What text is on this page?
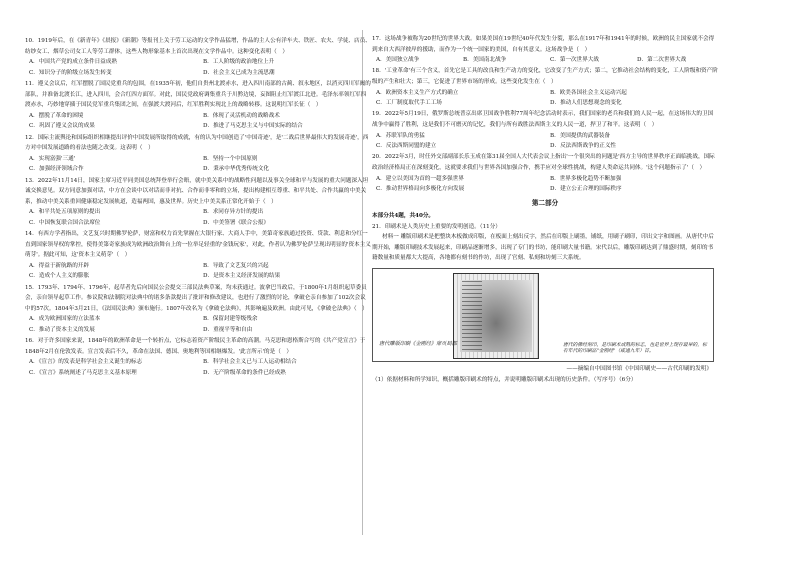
10．1919年后，在《新青年》《晨报》《新潮》等报刊上关于劳工运动的文学作品猛增，作品的主人公有洋车夫、铁匠、农夫、学徒、店员、纺纱女工、烟草公司女工人等劳工群体，这些人物形象基本上首次出现在文学作品中。这种变化表明（　）
A．中国共产党的成立条件日益成熟	B．工人阶级的政治地位上升
C．知识分子的阶级立场发生转变	D．社会主义已成为主流思潮
11．遵义会议后，红军摆脱了国民党重兵的包围，在1935年初，他们自贵州北渡赤水，进入四川南部的古蔺、叙永地区，以消灭四川军阀的部队，并准备北渡长江，进入四川，会合红四方面军。对此，国民党政府调集重兵于川黔边境，妄图阻止红军渡江北进。毛泽东率领红军四渡赤水，巧妙地穿插于国民党军重兵集团之间，在强渡大渡河后，红军胜利实现北上的战略转移。这说明红军长征（　）
A．摆脱了革命的困境	B．体现了灵活机动的战略战术
C．巩固了遵义会议的成果	D．推进了马克思主义与中国实际的结合
12．国际主流舆论和国际组织相继提出评价中国发展所取得的成就，有的认为中国创造了'中国奇迹'，是'二战后世界最伟大的发展奇迹'，西方对中国发展道路的看法也随之改变。这表明（　）
A．实现富强'三通'	B．坚持一个中国原则
C．加强经济领域合作	D．秉承中华优秀传统文化
13．2022年11月14日，国家主席习近平同美国总统拜登举行会晤，就中美关系中的战略性问题以及事关全球和平与发展的重大问题深入坦诚交换意见。双方同意加强对话，中方在会谈中以对话而非对抗、合作而非零和的立场，提出构建相互尊重、和平共处、合作共赢的中美关系，推动中美关系重回健康稳定发展轨道，造福两国，惠及世界。历史上中美关系正常化开始于（　）
A．和平共处五项原则的提出	B．求同存异方针的提出
C．中国恢复联合国合法席位	D．中美签署《联合公报》
14．有西方学者指出，文艺复兴时期佛罗伦萨，财富和权力首先掌握在大银行家、大商人手中，美第奇家族通过投资、贷款、利息和分红一直到国家领导权的掌控，使得美第奇家族成为欧洲政治舞台上的一位举足轻重的'金钱玩家'，对此，作者认为佛罗伦萨呈现出明显的'资本主义萌芽'。据此可知，这'资本主义萌芽'（　）
A．得益于新航路的开辟	B．导致了文艺复兴的兴起
C．造成个人主义的膨胀	D．是资本主义经济发展的结果
15．1793年、1794年、1796年，起草者先后向国民公会提交三部民法典草案，均未获通过。波拿巴当政后，于1800年1月组织起草委员会，亲自领导起草工作。参议院和法制院对法典中的诸多条款提出了批评和修改建议，也进行了激烈的讨论，拿破仑亲自参加了102次会议中的57次。1804年3月21日，《法国民法典》颁布施行。1807年改名为《拿破仑法典》，其影响遍及欧洲。由此可见，《拿破仑法典》（　）
A．成为欧洲国家的立法蓝本	B．保留封建等级残余
C．推动了资本主义的发展	D．重视平等和自由
16．对于许多国家来说，1848年的欧洲革命是一个转折点，它标志着资产阶级民主革命的高潮。马克思和恩格斯合写的《共产党宣言》于1848年2月在伦敦发表。宣言发表后不久，革命在法国、德国、奥地利等国相继爆发。'此言所示'的是（　）
A．《宣言》的发表是科学社会主义诞生的标志	B．科学社会主义已与工人运动相结合
C．《宣言》系统阐述了马克思主义基本原理	D．无产阶级革命的条件已经成熟
17．这场战争被称为20世纪的世界大战。如果美国在19世纪40年代发生分裂，那么在1917年和1941年的时候，欧洲的民主国家就不会得到来自大西洋彼岸的援助，而作为一个统一国家的美国，自有其意义。这场战争是（　）
A．美国独立战争	B．美国南北战争	C．第一次世界大战	D．第二次世界大战
18．'工业革命'有三个含义，首先它是工具的改良和生产动力的变化，它改变了生产方式；第二，它推动社会结构的变化，工人阶级和资产阶级的产生和壮大；第三，它促进了世界市场的形成。这些变化发生在（　）
A．欧洲资本主义生产方式的确立	B．欧美各国社会主义运动兴起
C．工厂制度取代手工工场	D．推动人们思想观念的变化
19．2022年5月19日，俄罗斯总统普京出席卫国战争胜利77周年纪念活动时表示，我们国家的老兵和我们的人民一起，在这场伟大的卫国战争中赢得了胜利，这是我们不可磨灭的记忆，我们与所有战胜法西斯主义的人民一道，捍卫了和平。这表明（　）
A．苏联军队的勇猛	B．美国提供的武器装备
C．反法西斯同盟的建立	D．反法西斯战争的正义性
20．2022年3月，时任外交部副部长乐玉成在第31届全国人大代表会议上指出'一个很突出的问题是'西方主导的世界秩序正面临挑战，国际政治经济格局正在深刻变化，这就要求我们与世界各国加强合作，携手应对全球性挑战，构建人类命运共同体。'这个问题指示了'（　）
A．建立以美国为首的一超多强世界	B．世界多极化趋势不断加强
C．推动世界格局向多极化方向发展	D．建立公正合理的国际秩序
第二部分
本部分共4题，共40分。
21．印刷术是人类历史上重要的发明创造。（11分）
材料一 雕版印刷术是把整块木板做成印版，在板面上刻出反字，然后在印版上刷墨，铺纸，用刷子刷印，印出文字和图画。从唐代中后期开始，雕版印刷技术发展起来，印刷品逐渐增多，出现了专门的书坊，能印刷大量书籍。宋代以后，雕版印刷达到了鼎盛时期，刻印的书籍数量和质量都大大提高，各地都有刻书的作坊，出现了官刻、私刻和坊刻三大系统。
唐代雕版印刷《金刚经》扉页局部	唐代的佛经刻印，是印刷术成熟的标志，也是世界上现存最早的，标有年代的印刷品"金刚经"（咸通九年）首。
——摘编自中国图书馆《中国印刷史——古代印刷的发明》
（1）依据材料和所学知识，概括雕版印刷术的特点，并说明雕版印刷术出现的历史条件。（写序号）（6分）
